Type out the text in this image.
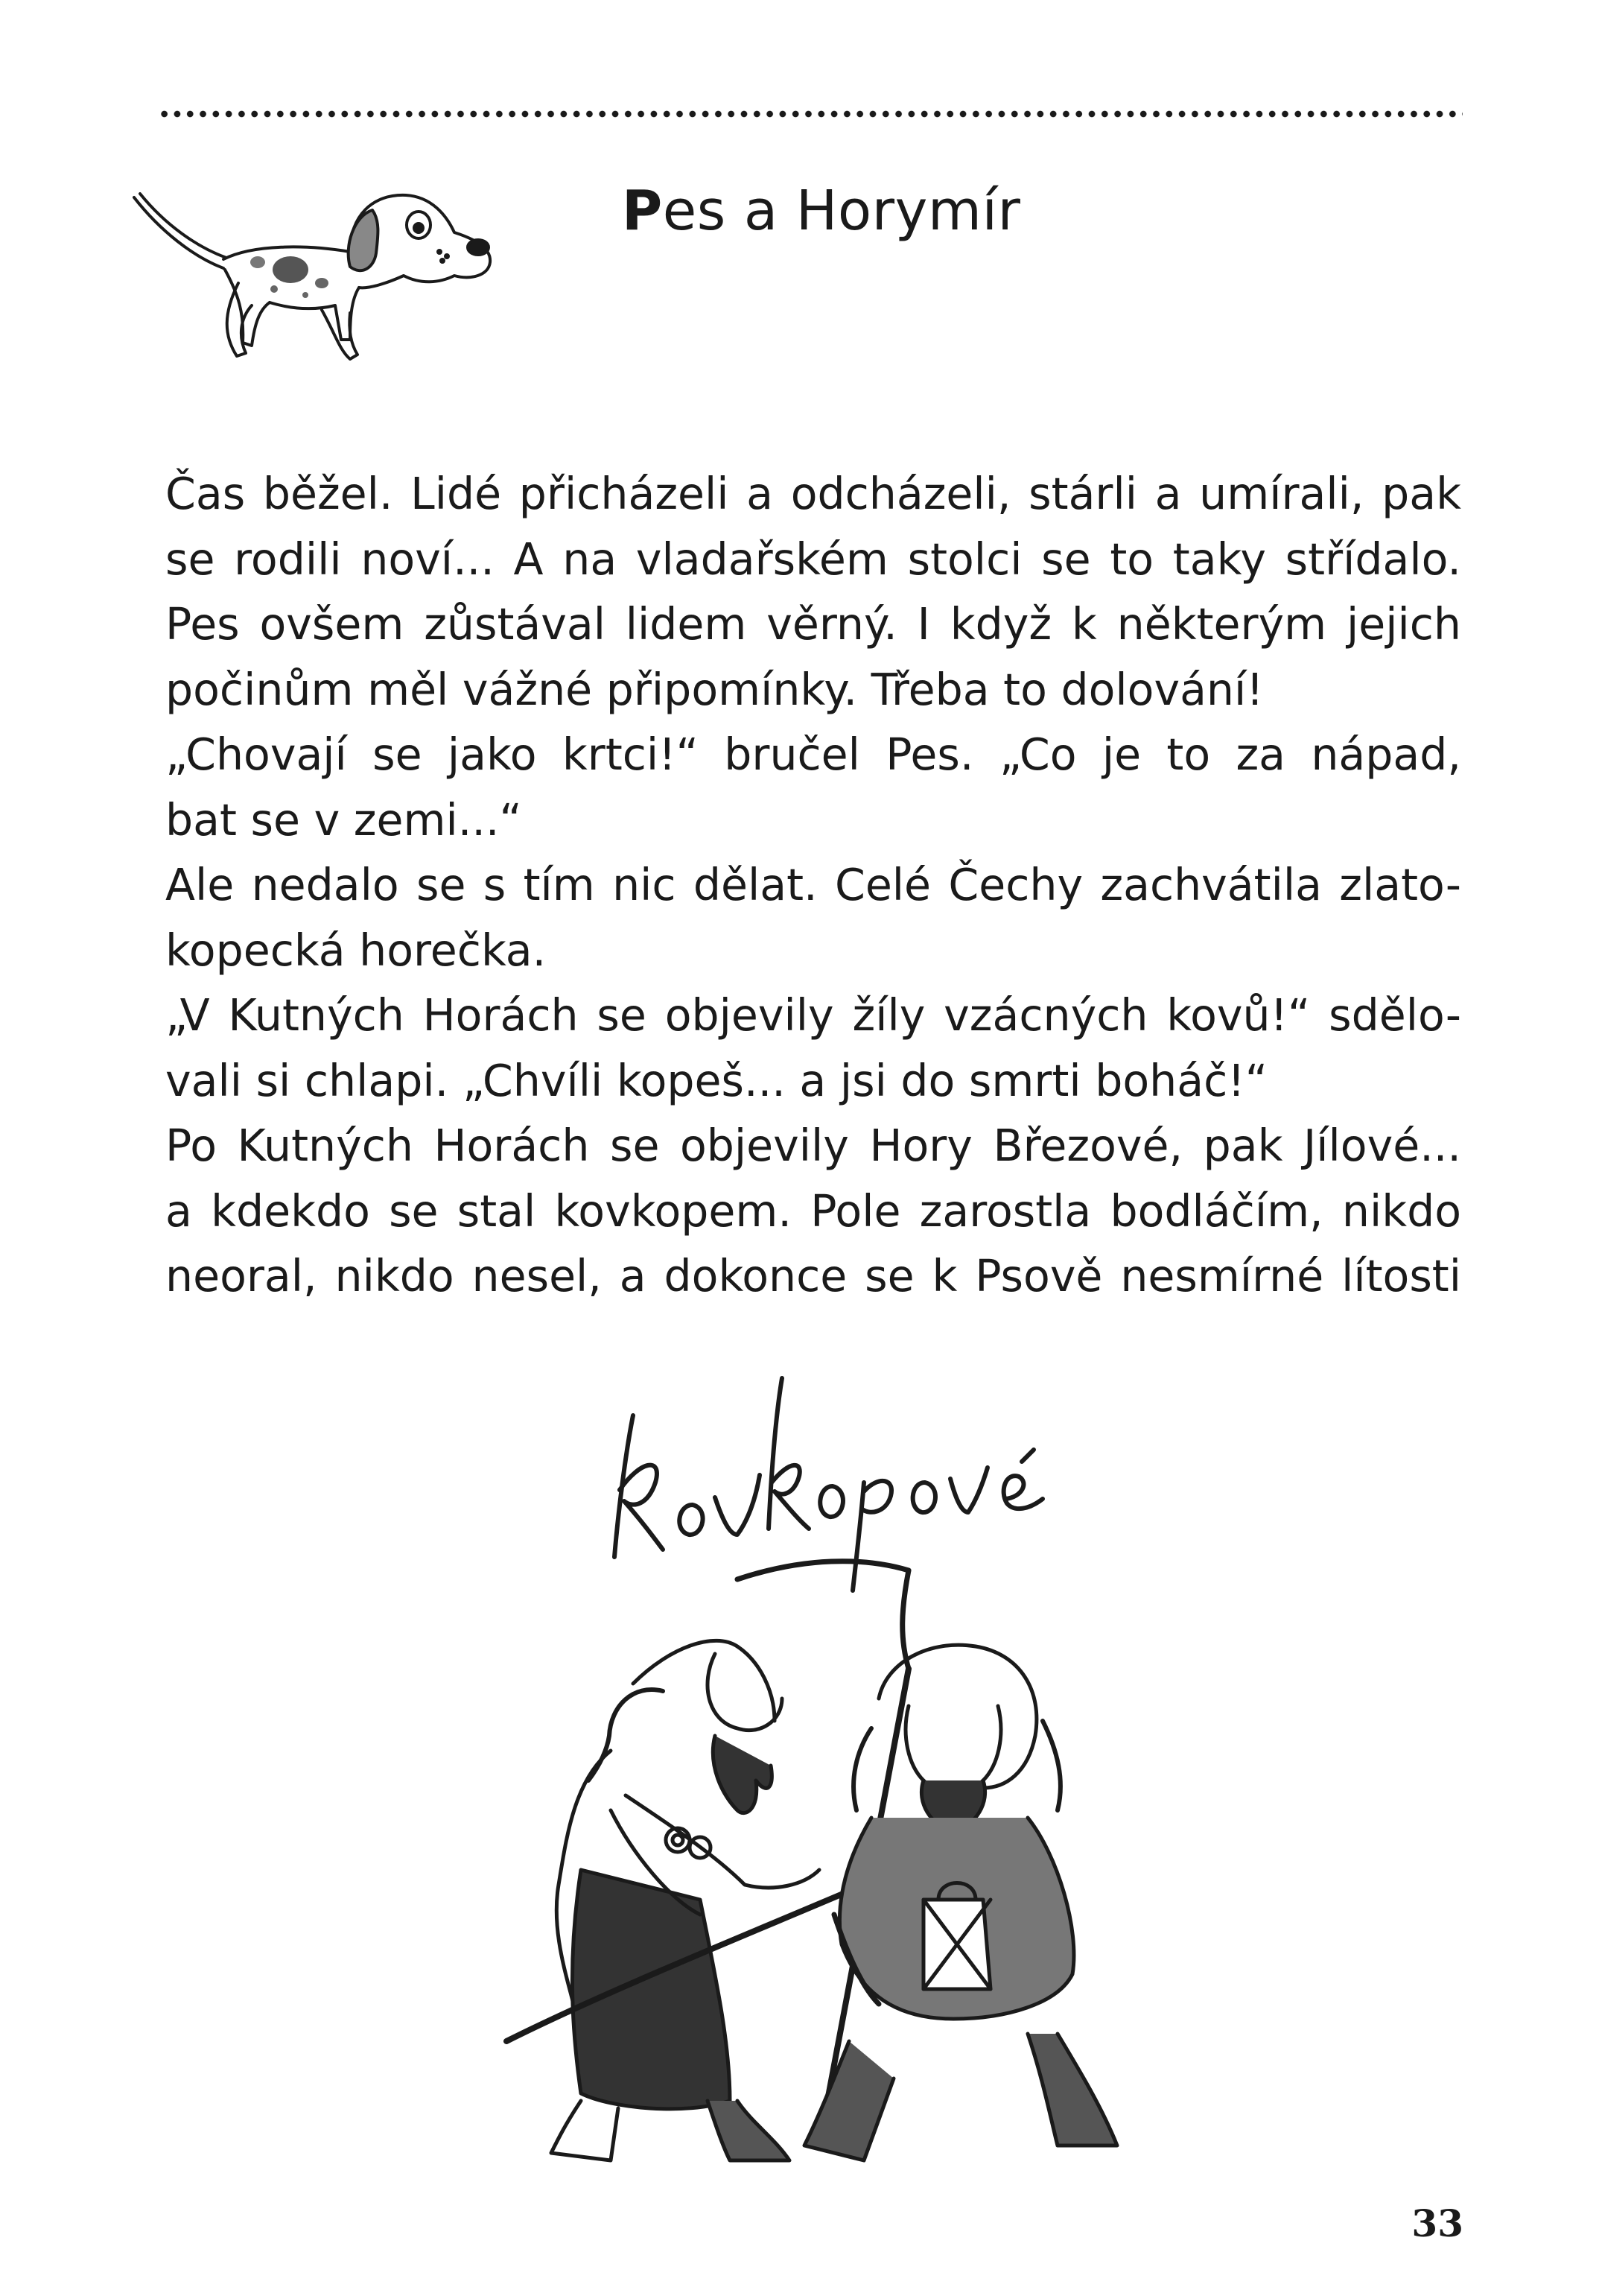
Pes a Horymír
Čas běžel. Lidé přicházeli a odcházeli, stárli a umírali, pak
se rodili noví... A na vladařském stolci se to taky střídalo.
Pes ovšem zůstával lidem věrný. I když k některým jejich
počinům měl vážné připomínky. Třeba to dolování!
„Chovají se jako krtci!“ bručel Pes. „Co je to za nápad,
bat se v zemi...“
Ale nedalo se s tím nic dělat. Celé Čechy zachvátila zlato-
kopecká horečka.
„V Kutných Horách se objevily žíly vzácných kovů!“ sdělo-
vali si chlapi. „Chvíli kopeš... a jsi do smrti boháč!“
Po Kutných Horách se objevily Hory Březové, pak Jílové...
a kdekdo se stal kovkopem. Pole zarostla bodláčím, nikdo
neoral, nikdo nesel, a dokonce se k Psově nesmírné lítosti
33
